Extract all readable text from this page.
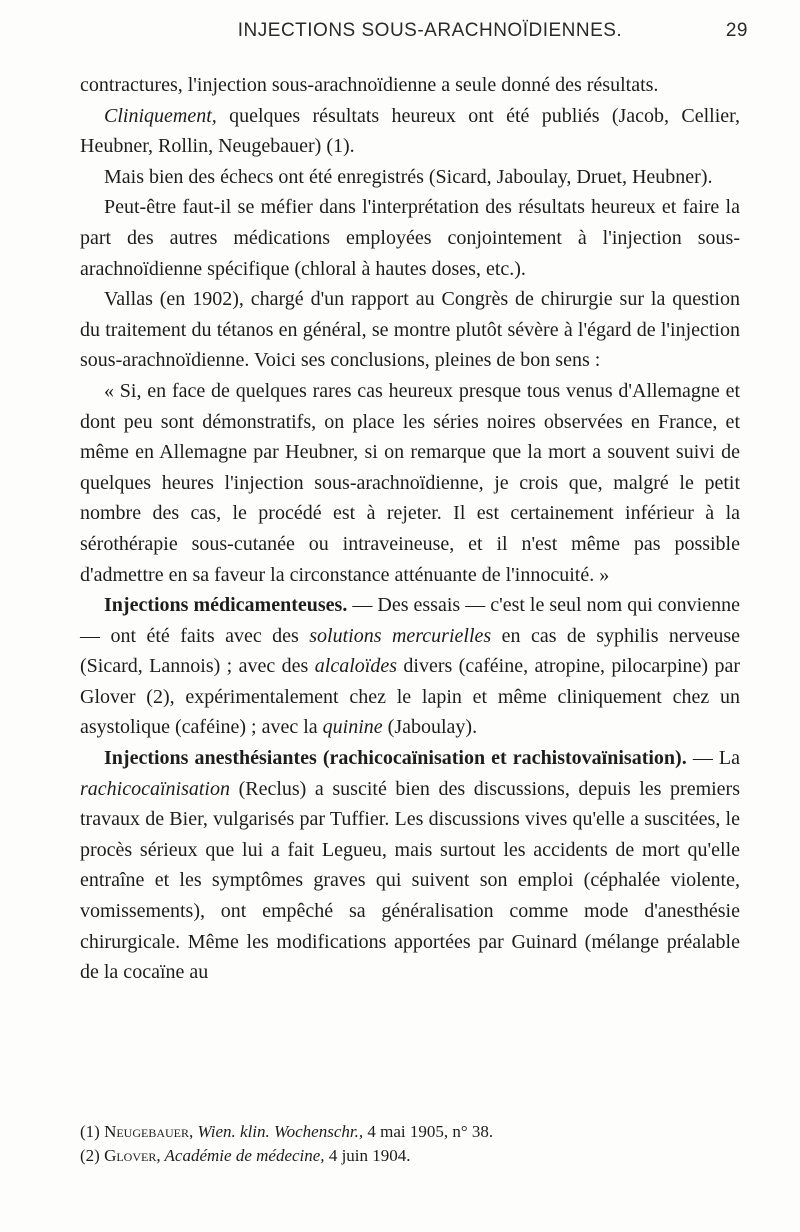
INJECTIONS SOUS-ARACHNOÏDIENNES.	29

contractures, l'injection sous-arachnoïdienne a seule donné des résultats.

Cliniquement, quelques résultats heureux ont été publiés (Jacob, Cellier, Heubner, Rollin, Neugebauer) (1).

Mais bien des échecs ont été enregistrés (Sicard, Jaboulay, Druet, Heubner).

Peut-être faut-il se méfier dans l'interprétation des résultats heureux et faire la part des autres médications employées conjointement à l'injection sous-arachnoïdienne spécifique (chloral à hautes doses, etc.).

Vallas (en 1902), chargé d'un rapport au Congrès de chirurgie sur la question du traitement du tétanos en général, se montre plutôt sévère à l'égard de l'injection sous-arachnoïdienne. Voici ses conclusions, pleines de bon sens :

« Si, en face de quelques rares cas heureux presque tous venus d'Allemagne et dont peu sont démonstratifs, on place les séries noires observées en France, et même en Allemagne par Heubner, si on remarque que la mort a souvent suivi de quelques heures l'injection sous-arachnoïdienne, je crois que, malgré le petit nombre des cas, le procédé est à rejeter. Il est certainement inférieur à la sérothérapie sous-cutanée ou intraveineuse, et il n'est même pas possible d'admettre en sa faveur la circonstance atténuante de l'innocuité. »

Injections médicamenteuses. — Des essais — c'est le seul nom qui convienne — ont été faits avec des solutions mercurielles en cas de syphilis nerveuse (Sicard, Lannois) ; avec des alcaloïdes divers (caféine, atropine, pilocarpine) par Glover (2), expérimentalement chez le lapin et même cliniquement chez un asystolique (caféine) ; avec la quinine (Jaboulay).

Injections anesthésiantes (rachicocaïnisation et rachistovaïnisation). — La rachicocaïnisation (Reclus) a suscité bien des discussions, depuis les premiers travaux de Bier, vulgarisés par Tuffier. Les discussions vives qu'elle a suscitées, le procès sérieux que lui a fait Legueu, mais surtout les accidents de mort qu'elle entraîne et les symptômes graves qui suivent son emploi (céphalée violente, vomissements), ont empêché sa généralisation comme mode d'anesthésie chirurgicale. Même les modifications apportées par Guinard (mélange préalable de la cocaïne au

(1) Neugebauer, Wien. klin. Wochenschr., 4 mai 1905, n° 38.
(2) Glover, Académie de médecine, 4 juin 1904.
